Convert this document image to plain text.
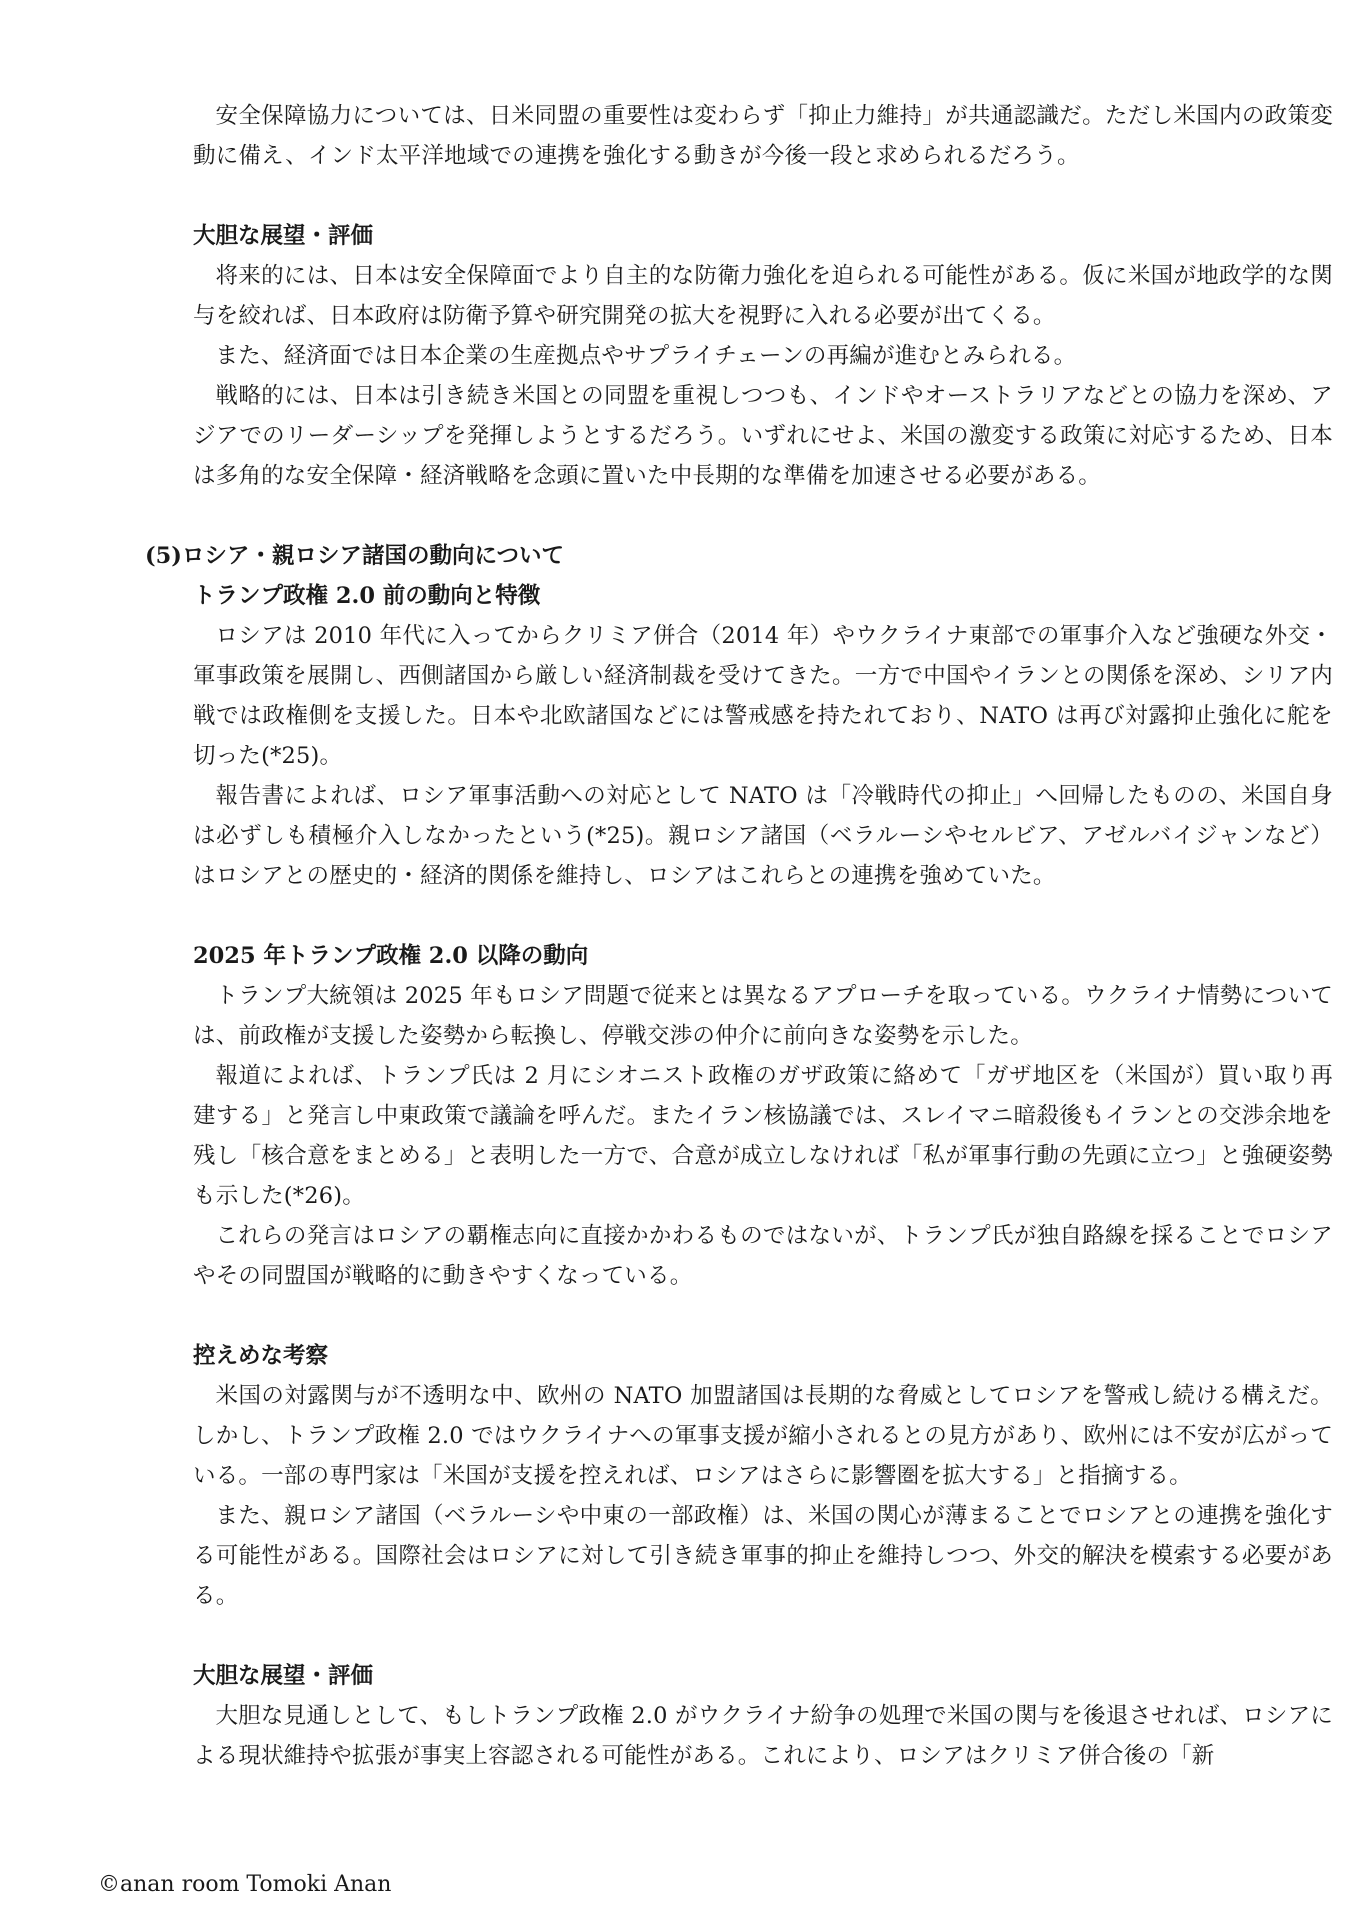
安全保障協力については、日米同盟の重要性は変わらず「抑止力維持」が共通認識だ。ただし米国内の政策変動に備え、インド太平洋地域での連携を強化する動きが今後一段と求められるだろう。

大胆な展望・評価

将来的には、日本は安全保障面でより自主的な防衛力強化を迫られる可能性がある。仮に米国が地政学的な関与を絞れば、日本政府は防衛予算や研究開発の拡大を視野に入れる必要が出てくる。

また、経済面では日本企業の生産拠点やサプライチェーンの再編が進むとみられる。

戦略的には、日本は引き続き米国との同盟を重視しつつも、インドやオーストラリアなどとの協力を深め、アジアでのリーダーシップを発揮しようとするだろう。いずれにせよ、米国の激変する政策に対応するため、日本は多角的な安全保障・経済戦略を念頭に置いた中長期的な準備を加速させる必要がある。

(5)ロシア・親ロシア諸国の動向について

トランプ政権 2.0 前の動向と特徴

ロシアは 2010 年代に入ってからクリミア併合（2014 年）やウクライナ東部での軍事介入など強硬な外交・軍事政策を展開し、西側諸国から厳しい経済制裁を受けてきた。一方で中国やイランとの関係を深め、シリア内戦では政権側を支援した。日本や北欧諸国などには警戒感を持たれており、NATO は再び対露抑止強化に舵を切った(*25)。

報告書によれば、ロシア軍事活動への対応として NATO は「冷戦時代の抑止」へ回帰したものの、米国自身は必ずしも積極介入しなかったという(*25)。親ロシア諸国（ベラルーシやセルビア、アゼルバイジャンなど）はロシアとの歴史的・経済的関係を維持し、ロシアはこれらとの連携を強めていた。

2025 年トランプ政権 2.0 以降の動向

トランプ大統領は 2025 年もロシア問題で従来とは異なるアプローチを取っている。ウクライナ情勢については、前政権が支援した姿勢から転換し、停戦交渉の仲介に前向きな姿勢を示した。

報道によれば、トランプ氏は 2 月にシオニスト政権のガザ政策に絡めて「ガザ地区を（米国が）買い取り再建する」と発言し中東政策で議論を呼んだ。またイラン核協議では、スレイマニ暗殺後もイランとの交渉余地を残し「核合意をまとめる」と表明した一方で、合意が成立しなければ「私が軍事行動の先頭に立つ」と強硬姿勢も示した(*26)。

これらの発言はロシアの覇権志向に直接かかわるものではないが、トランプ氏が独自路線を採ることでロシアやその同盟国が戦略的に動きやすくなっている。

控えめな考察

米国の対露関与が不透明な中、欧州の NATO 加盟諸国は長期的な脅威としてロシアを警戒し続ける構えだ。しかし、トランプ政権 2.0 ではウクライナへの軍事支援が縮小されるとの見方があり、欧州には不安が広がっている。一部の専門家は「米国が支援を控えれば、ロシアはさらに影響圏を拡大する」と指摘する。

また、親ロシア諸国（ベラルーシや中東の一部政権）は、米国の関心が薄まることでロシアとの連携を強化する可能性がある。国際社会はロシアに対して引き続き軍事的抑止を維持しつつ、外交的解決を模索する必要がある。

大胆な展望・評価

大胆な見通しとして、もしトランプ政権 2.0 がウクライナ紛争の処理で米国の関与を後退させれば、ロシアによる現状維持や拡張が事実上容認される可能性がある。これにより、ロシアはクリミア併合後の「新

©anan room Tomoki Anan
